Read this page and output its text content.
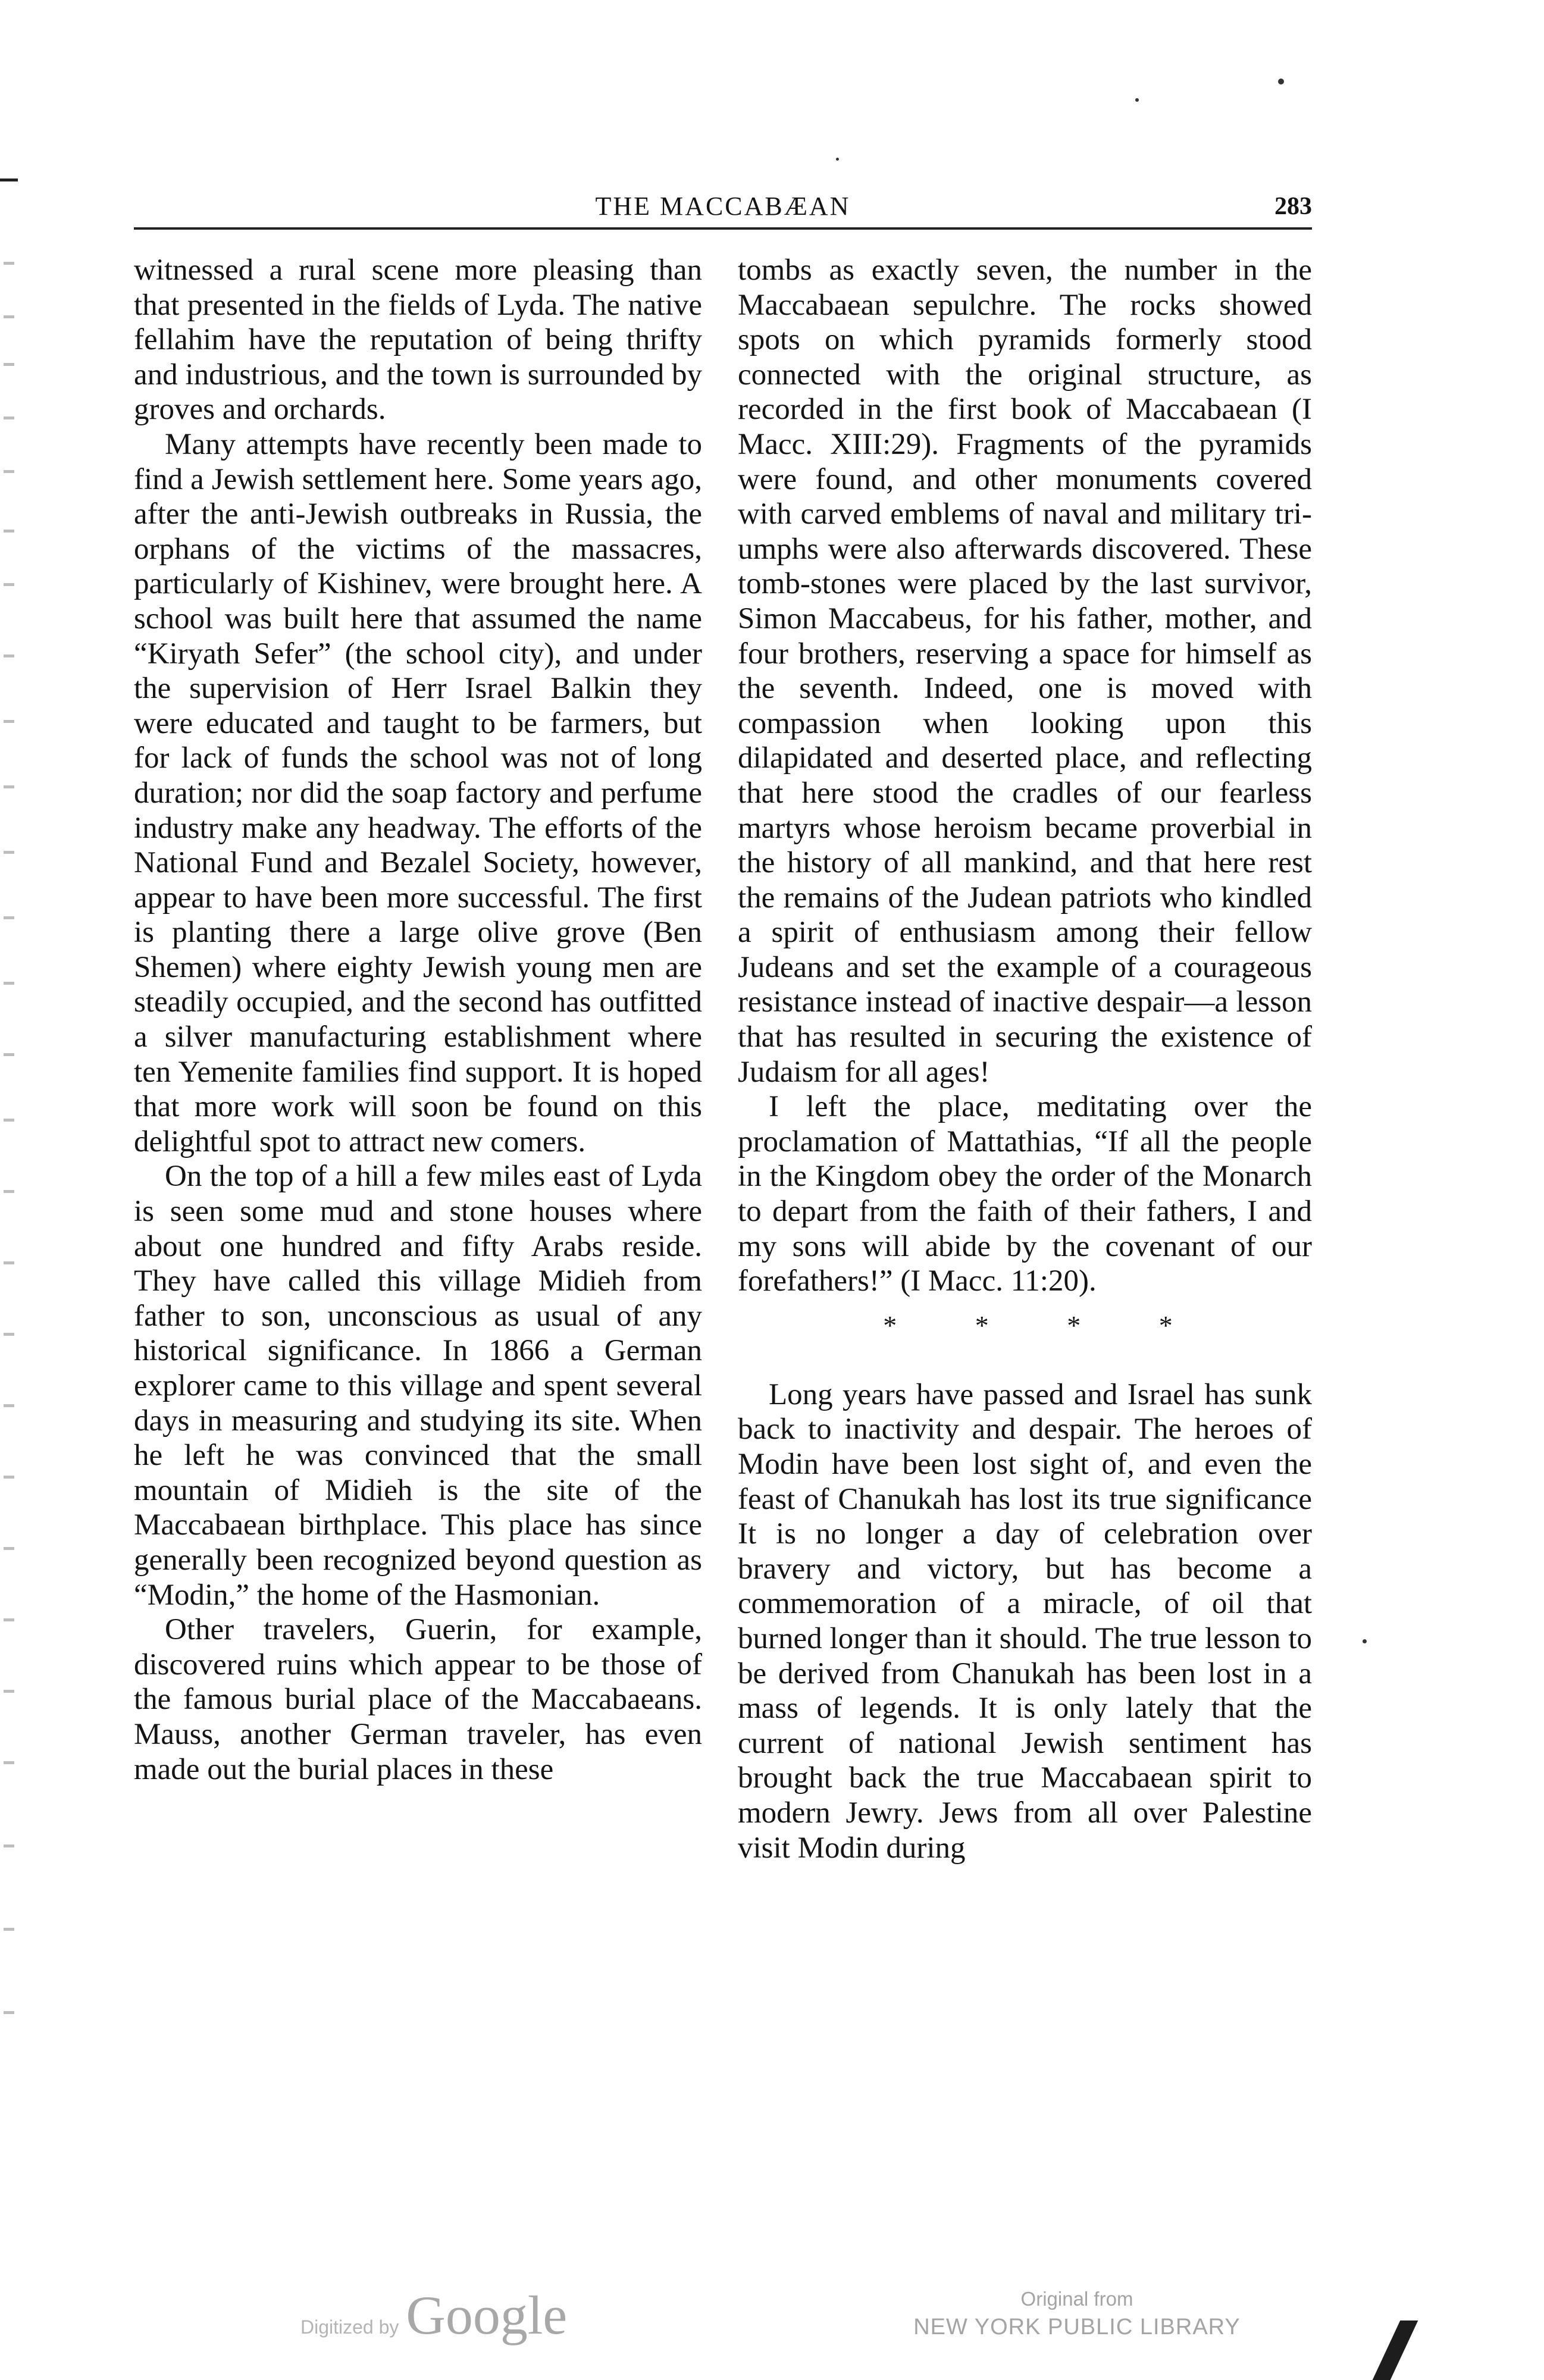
THE MACCABÆAN	283

witnessed a rural scene more pleasing than that presented in the fields of Lyda. The native fellahim have the reputation of being thrifty and industrious, and the town is surrounded by groves and orchards.

Many attempts have recently been made to find a Jewish settlement here. Some years ago, after the anti-Jewish outbreaks in Russia, the orphans of the victims of the massacres, particularly of Kishinev, were brought here. A school was built here that assumed the name “Kiryath Sefer” (the school city), and under the supervision of Herr Israel Balkin they were educated and taught to be farmers, but for lack of funds the school was not of long duration; nor did the soap factory and perfume industry make any headway. The efforts of the National Fund and Bezalel Society, however, appear to have been more successful. The first is planting there a large olive grove (Ben Shemen) where eighty Jewish young men are steadily occupied, and the second has outfitted a silver manufacturing establishment where ten Yemenite families find support. It is hoped that more work will soon be found on this delightful spot to attract new comers.

On the top of a hill a few miles east of Lyda is seen some mud and stone houses where about one hundred and fifty Arabs reside. They have called this village Midieh from father to son, unconscious as usual of any historical significance. In 1866 a German explorer came to this village and spent several days in measuring and studying its site. When he left he was convinced that the small mountain of Midieh is the site of the Maccabaean birthplace. This place has since generally been recognized beyond question as “Modin,” the home of the Hasmonian.

Other travelers, Guerin, for example, discovered ruins which appear to be those of the famous burial place of the Maccabaeans. Mauss, another German traveler, has even made out the burial places in these

tombs as exactly seven, the number in the Maccabaean sepulchre. The rocks showed spots on which pyramids formerly stood connected with the original structure, as recorded in the first book of Maccabaean (I Macc. XIII:29). Fragments of the pyramids were found, and other monuments covered with carved emblems of naval and military triumphs were also afterwards discovered. These tomb-stones were placed by the last survivor, Simon Maccabeus, for his father, mother, and four brothers, reserving a space for himself as the seventh. Indeed, one is moved with compassion when looking upon this dilapidated and deserted place, and reflecting that here stood the cradles of our fearless martyrs whose heroism became proverbial in the history of all mankind, and that here rest the remains of the Judean patriots who kindled a spirit of enthusiasm among their fellow Judeans and set the example of a courageous resistance instead of inactive despair—a lesson that has resulted in securing the existence of Judaism for all ages!

I left the place, meditating over the proclamation of Mattathias, “If all the people in the Kingdom obey the order of the Monarch to depart from the faith of their fathers, I and my sons will abide by the covenant of our forefathers!” (I Macc. 11:20).

* * * *

Long years have passed and Israel has sunk back to inactivity and despair. The heroes of Modin have been lost sight of, and even the feast of Chanukah has lost its true significance It is no longer a day of celebration over bravery and victory, but has become a commemoration of a miracle, of oil that burned longer than it should. The true lesson to be derived from Chanukah has been lost in a mass of legends. It is only lately that the current of national Jewish sentiment has brought back the true Maccabaean spirit to modern Jewry. Jews from all over Palestine visit Modin during

Digitized by Google	Original from
NEW YORK PUBLIC LIBRARY
